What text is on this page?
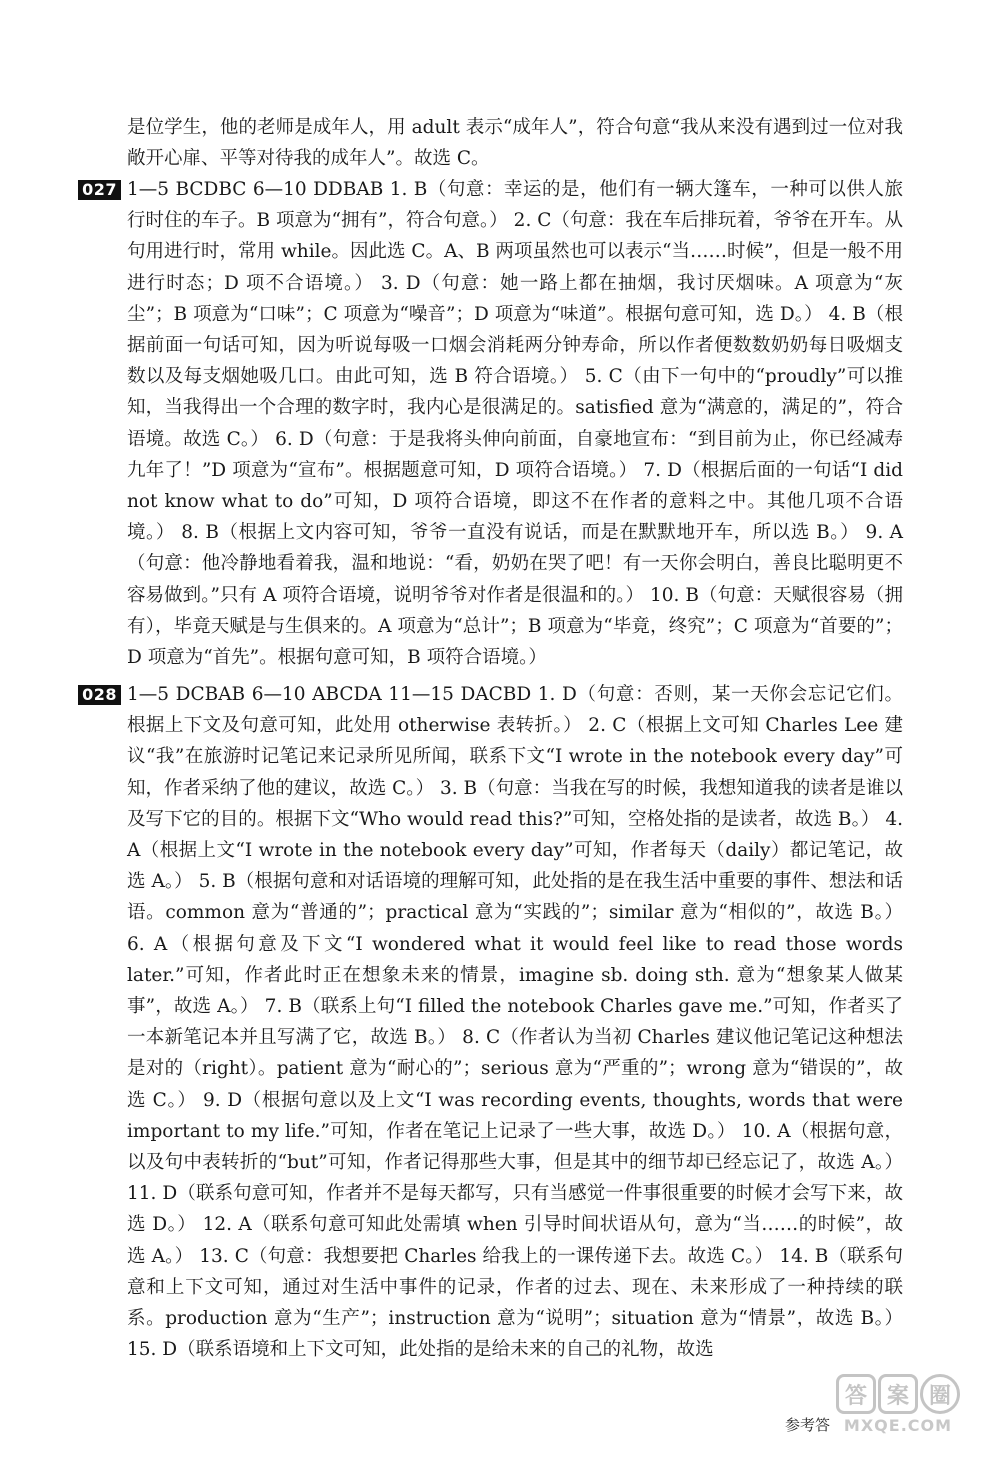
是位学生，他的老师是成年人，用 adult 表示“成年人”，符合句意“我从来没有遇到过一位对我敞开心扉、平等对待我的成年人”。故选 C。

027 1—5 BCDBC 6—10 DDBAB 1. B（句意：幸运的是，他们有一辆大篷车，一种可以供人旅行时住的车子。B 项意为“拥有”，符合句意。） 2. C（句意：我在车后排玩着，爷爷在开车。从句用进行时，常用 while。因此选 C。A、B 两项虽然也可以表示“当……时候”，但是一般不用进行时态；D 项不合语境。） 3. D（句意：她一路上都在抽烟，我讨厌烟味。A 项意为“灰尘”；B 项意为“口味”；C 项意为“噪音”；D 项意为“味道”。根据句意可知，选 D。） 4. B（根据前面一句话可知，因为听说每吸一口烟会消耗两分钟寿命，所以作者便数数奶奶每日吸烟支数以及每支烟她吸几口。由此可知，选 B 符合语境。） 5. C（由下一句中的“proudly”可以推知，当我得出一个合理的数字时，我内心是很满足的。satisfied 意为“满意的，满足的”，符合语境。故选 C。） 6. D（句意：于是我将头伸向前面，自豪地宣布：“到目前为止，你已经减寿九年了！”D 项意为“宣布”。根据题意可知，D 项符合语境。） 7. D（根据后面的一句话“I did not know what to do”可知，D 项符合语境，即这不在作者的意料之中。其他几项不合语境。） 8. B（根据上文内容可知，爷爷一直没有说话，而是在默默地开车，所以选 B。） 9. A（句意：他冷静地看着我，温和地说：“看，奶奶在哭了吧！有一天你会明白，善良比聪明更不容易做到。”只有 A 项符合语境，说明爷爷对作者是很温和的。） 10. B（句意：天赋很容易（拥有），毕竟天赋是与生俱来的。A 项意为“总计”；B 项意为“毕竟，终究”；C 项意为“首要的”；D 项意为“首先”。根据句意可知，B 项符合语境。）
028 1—5 DCBAB 6—10 ABCDA 11—15 DACBD 1. D（句意：否则，某一天你会忘记它们。根据上下文及句意可知，此处用 otherwise 表转折。） 2. C（根据上文可知 Charles Lee 建议“我”在旅游时记笔记来记录所见所闻，联系下文“I wrote in the notebook every day”可知，作者采纳了他的建议，故选 C。） 3. B（句意：当我在写的时候，我想知道我的读者是谁以及写下它的目的。根据下文“Who would read this?”可知，空格处指的是读者，故选 B。） 4. A（根据上文“I wrote in the notebook every day”可知，作者每天（daily）都记笔记，故选 A。） 5. B（根据句意和对话语境的理解可知，此处指的是在我生活中重要的事件、想法和话语。common 意为“普通的”；practical 意为“实践的”；similar 意为“相似的”，故选 B。） 6. A（根据句意及下文“I wondered what it would feel like to read those words later.”可知，作者此时正在想象未来的情景，imagine sb. doing sth. 意为“想象某人做某事”，故选 A。） 7. B（联系上句“I filled the notebook Charles gave me.”可知，作者买了一本新笔记本并且写满了它，故选 B。） 8. C（作者认为当初 Charles 建议他记笔记这种想法是对的（right）。patient 意为“耐心的”；serious 意为“严重的”；wrong 意为“错误的”，故选 C。） 9. D（根据句意以及上文“I was recording events, thoughts, words that were important to my life.”可知，作者在笔记上记录了一些大事，故选 D。） 10. A（根据句意，以及句中表转折的“but”可知，作者记得那些大事，但是其中的细节却已经忘记了，故选 A。） 11. D（联系句意可知，作者并不是每天都写，只有当感觉一件事很重要的时候才会写下来，故选 D。） 12. A（联系句意可知此处需填 when 引导时间状语从句，意为“当……的时候”，故选 A。） 13. C（句意：我想要把 Charles 给我上的一课传递下去。故选 C。） 14. B（联系句意和上下文可知，通过对生活中事件的记录，作者的过去、现在、未来形成了一种持续的联系。production 意为“生产”；instruction 意为“说明”；situation 意为“情景”，故选 B。） 15. D（联系语境和上下文可知，此处指的是给未来的自己的礼物，故选
参考答
答 案 圈
MXQE.COM
